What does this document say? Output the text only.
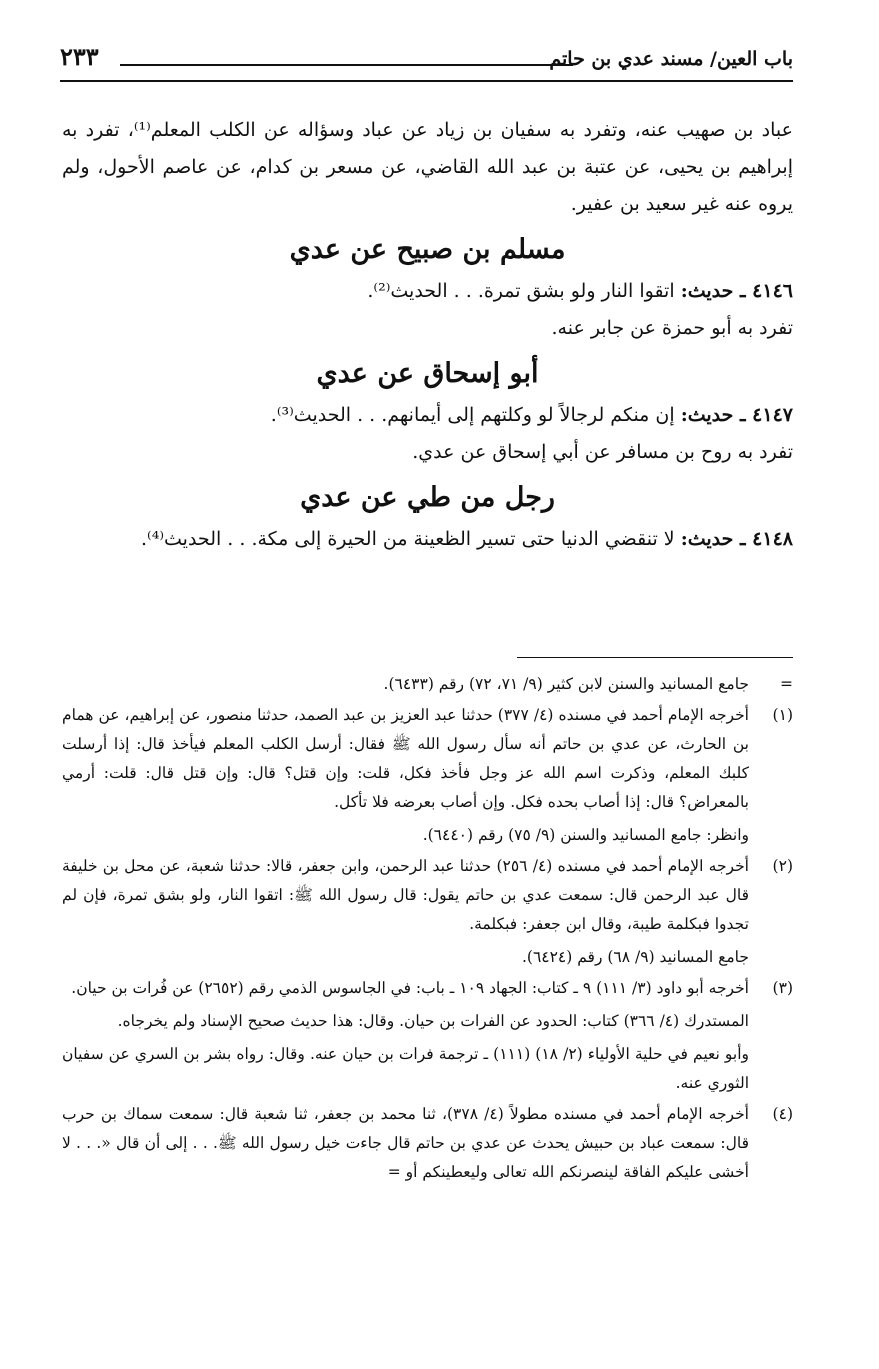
باب العين/ مسند عدي بن حاتم
٢٣٣

عباد بن صهيب عنه، وتفرد به سفيان بن زياد عن عباد وسؤاله عن الكلب المعلم⁽¹⁾، تفرد به إبراهيم بن يحيى، عن عتبة بن عبد الله القاضي، عن مسعر بن كدام، عن عاصم الأحول، ولم يروه عنه غير سعيد بن عفير.

مسلم بن صبيح عن عدي

٤١٤٦ ـ حديث: اتقوا النار ولو بشق تمرة. . . الحديث⁽²⁾.

تفرد به أبو حمزة عن جابر عنه.

أبو إسحاق عن عدي

٤١٤٧ ـ حديث: إن منكم لرجالاً لو وكلتهم إلى أيمانهم. . . الحديث⁽³⁾.

تفرد به روح بن مسافر عن أبي إسحاق عن عدي.

رجل من طي عن عدي

٤١٤٨ ـ حديث: لا تنقضي الدنيا حتى تسير الظعينة من الحيرة إلى مكة. . . الحديث⁽⁴⁾.

=

جامع المسانيد والسنن لابن كثير (٩/ ٧١، ٧٢) رقم (٦٤٣٣).

(١)

أخرجه الإمام أحمد في مسنده (٤/ ٣٧٧) حدثنا عبد العزيز بن عبد الصمد، حدثنا منصور، عن إبراهيم، عن همام بن الحارث، عن عدي بن حاتم أنه سأل رسول الله ﷺ فقال: أرسل الكلب المعلم فيأخذ قال: إذا أرسلت كلبك المعلم، وذكرت اسم الله عز وجل فأخذ فكل، قلت: وإن قتل؟ قال: وإن قتل قال: قلت: أرمي بالمعراض؟ قال: إذا أصاب بحده فكل. وإن أصاب بعرضه فلا تأكل.

وانظر: جامع المسانيد والسنن (٩/ ٧٥) رقم (٦٤٤٠).

(٢)

أخرجه الإمام أحمد في مسنده (٤/ ٢٥٦) حدثنا عبد الرحمن، وابن جعفر، قالا: حدثنا شعبة، عن محل بن خليفة قال عبد الرحمن قال: سمعت عدي بن حاتم يقول: قال رسول الله ﷺ: اتقوا النار، ولو بشق تمرة، فإن لم تجدوا فبكلمة طيبة، وقال ابن جعفر: فبكلمة.

جامع المسانيد (٩/ ٦٨) رقم (٦٤٢٤).

(٣)

أخرجه أبو داود (٣/ ١١١) ٩ ـ كتاب: الجهاد ١٠٩ ـ باب: في الجاسوس الذمي رقم (٢٦٥٢) عن فُرات بن حيان.

المستدرك (٤/ ٣٦٦) كتاب: الحدود عن الفرات بن حيان. وقال: هذا حديث صحيح الإسناد ولم يخرجاه.

وأبو نعيم في حلية الأولياء (٢/ ١٨) (١١١) ـ ترجمة فرات بن حيان عنه. وقال: رواه بشر بن السري عن سفيان الثوري عنه.

(٤)

أخرجه الإمام أحمد في مسنده مطولاً (٤/ ٣٧٨)، ثنا محمد بن جعفر، ثنا شعبة قال: سمعت سماك بن حرب قال: سمعت عباد بن حبيش يحدث عن عدي بن حاتم قال جاءت خيل رسول الله ﷺ. . . إلى أن قال «. . . لا أخشى عليكم الفاقة لينصرنكم الله تعالى وليعطينكم أو =
